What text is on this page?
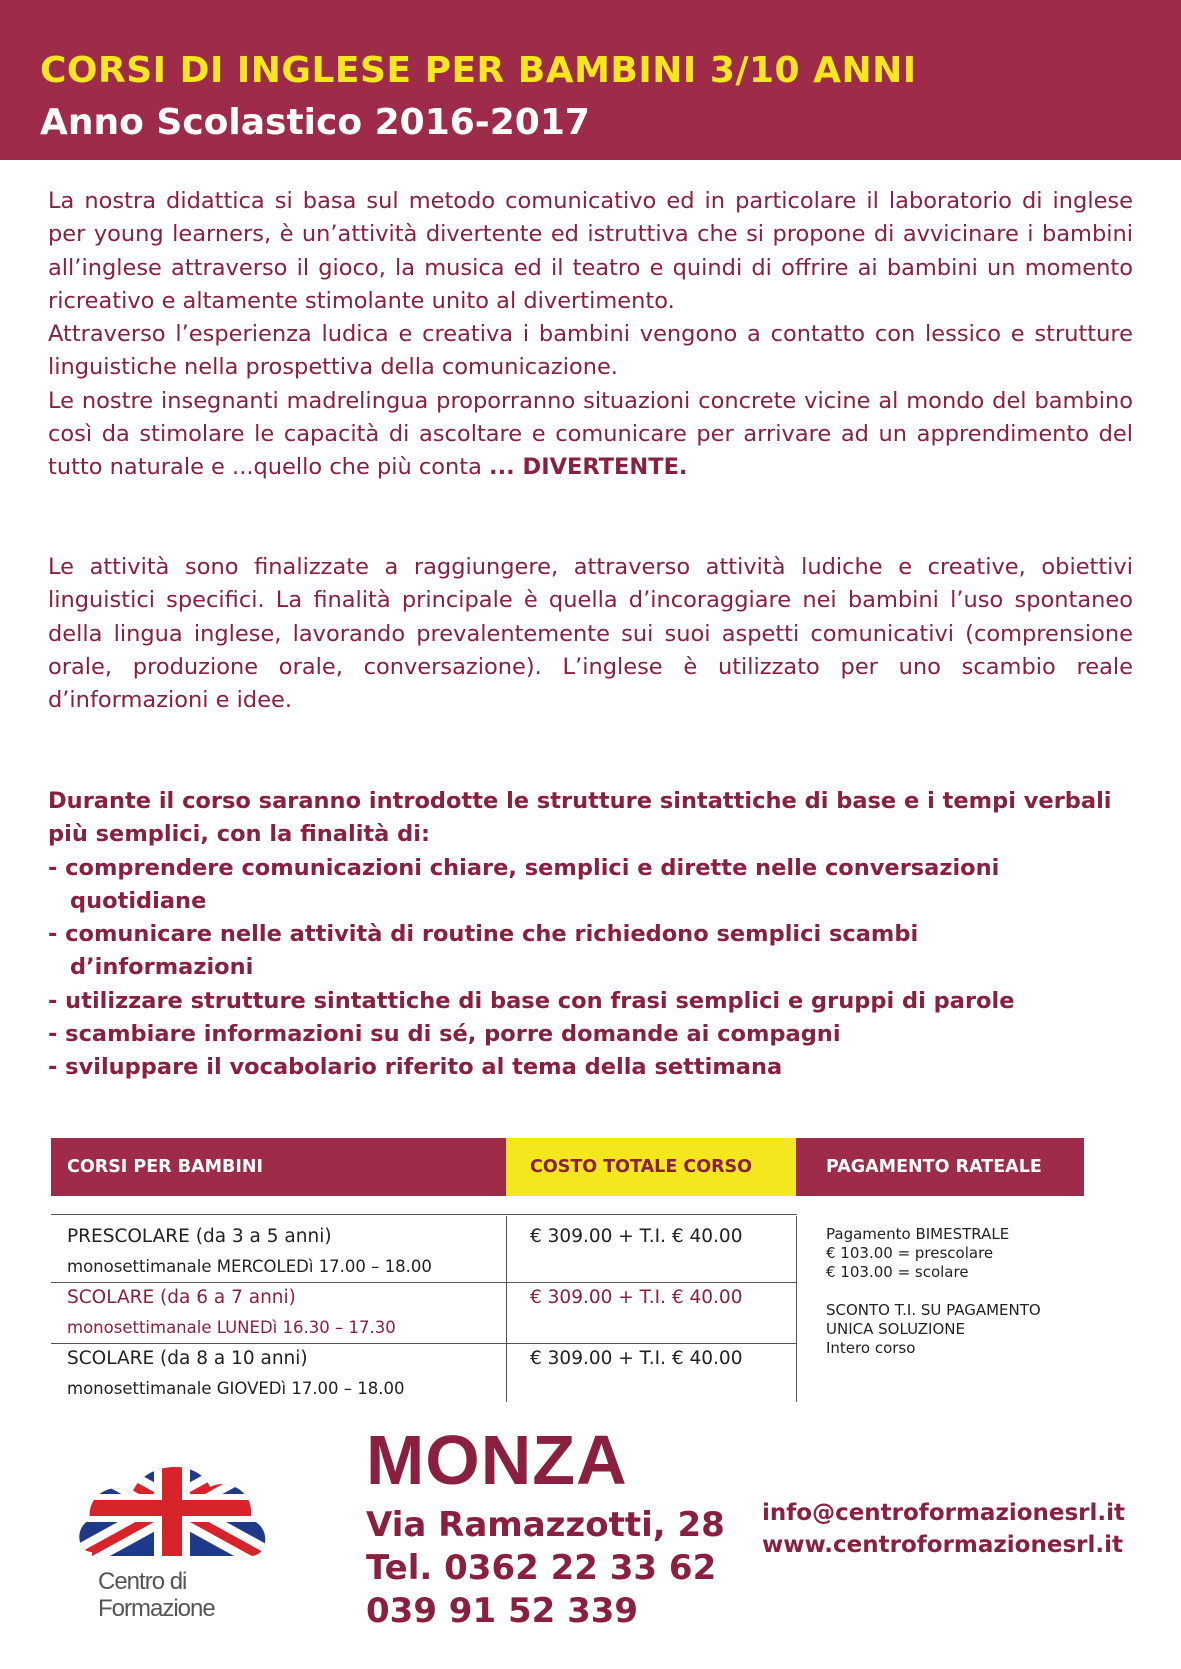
CORSI DI INGLESE PER BAMBINI 3/10 ANNI
Anno Scolastico 2016-2017

La nostra didattica si basa sul metodo comunicativo ed in particolare il laboratorio di inglese per young learners, è un’attività divertente ed istruttiva che si propone di avvicinare i bambini all’inglese attraverso il gioco, la musica ed il teatro e quindi di offrire ai bambini un momento ricreativo e altamente stimolante unito al divertimento.

Attraverso l’esperienza ludica e creativa i bambini vengono a contatto con lessico e strutture linguistiche nella prospettiva della comunicazione.

Le nostre insegnanti madrelingua proporranno situazioni concrete vicine al mondo del bambino così da stimolare le capacità di ascoltare e comunicare per arrivare ad un apprendimento del tutto naturale e ...quello che più conta ... DIVERTENTE.

Le attività sono finalizzate a raggiungere, attraverso attività ludiche e creative, obiettivi linguistici specifici. La finalità principale è quella d’incoraggiare nei bambini l’uso spontaneo della lingua inglese, lavorando prevalentemente sui suoi aspetti comunicativi (comprensione orale, produzione orale, conversazione). L’inglese è utilizzato per uno scambio reale d’informazioni e idee.

Durante il corso saranno introdotte le strutture sintattiche di base e i tempi verbali
più semplici, con la finalità di:
- comprendere comunicazioni chiare, semplici e dirette nelle conversazioni
quotidiane
- comunicare nelle attività di routine che richiedono semplici scambi
d’informazioni
- utilizzare strutture sintattiche di base con frasi semplici e gruppi di parole
- scambiare informazioni su di sé, porre domande ai compagni
- sviluppare il vocabolario riferito al tema della settimana
CORSI PER BAMBINI	COSTO TOTALE CORSO	PAGAMENTO RATEALE
PRESCOLARE (da 3 a 5 anni)
monosettimanale MERCOLEDì 17.00 – 18.00
€ 309.00 + T.I. € 40.00
SCOLARE (da 6 a 7 anni)
monosettimanale LUNEDì 16.30 – 17.30
€ 309.00 + T.I. € 40.00
SCOLARE (da 8 a 10 anni)
monosettimanale GIOVEDì 17.00 – 18.00
€ 309.00 + T.I. € 40.00
Pagamento BIMESTRALE
€ 103.00 = prescolare
€ 103.00 = scolare
SCONTO T.I. SU PAGAMENTO
UNICA SOLUZIONE
Intero corso
Centro di
Formazione
MONZA
Via Ramazzotti, 28
Tel. 0362 22 33 62
039 91 52 339
info@centroformazionesrl.it
www.centroformazionesrl.it
